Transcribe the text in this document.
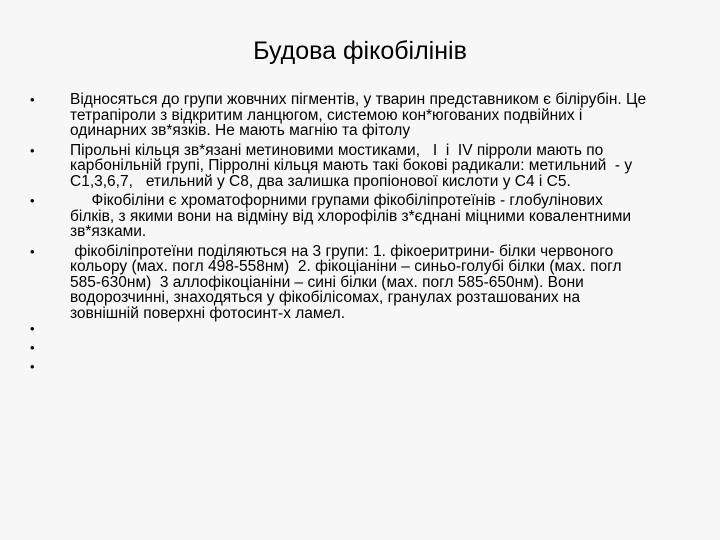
Будова фікобілінів
• Відносяться до групи жовчних пігментів, у тварин представником є білірубін. Це тетрапіроли з відкритим ланцюгом, системою кон*югованих подвійних і одинарних зв*язків. Не мають магнію та фітолу
• Пірольні кільця зв*язані метиновими мостиками,   І  і  IV пірроли мають по карбонільній групі, Пірролні кільця мають такі бокові радикали: метильний  - у С1,3,6,7,   етильний у С8, два залишка пропіонової кислоти у С4 і С5.
• Фікобіліни є хроматофорними групами фікобіліпротеїнів - глобулінових білків, з якими вони на відміну від хлорофілів з*єднані міцними ковалентними зв*язками.
• фікобіліпротеїни поділяються на 3 групи: 1. фікоеритрини- білки червоного кольору (мах. погл 498-558нм)  2. фікоціаніни – синьо-голубі білки (мах. погл 585-630нм)  3 аллофікоціаніни – сині білки (мах. погл 585-650нм). Вони водорозчинні, знаходяться у фікобілісомах, гранулах розташованих на зовнішній поверхні фотосинт-х ламел.
•
•
•
